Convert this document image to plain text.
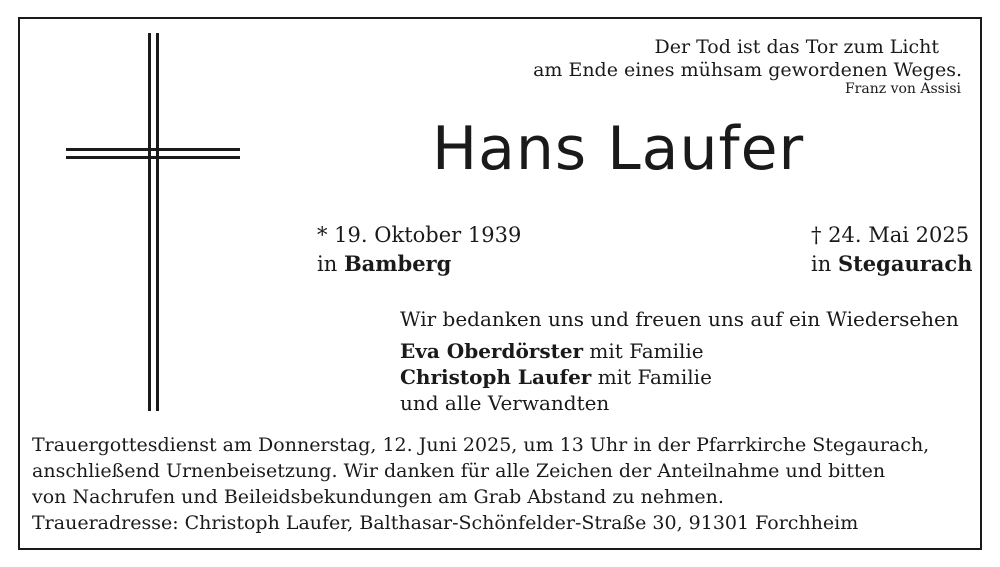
Der Tod ist das Tor zum Licht
am Ende eines mühsam gewordenen Weges.
Franz von Assisi
Hans Laufer
* 19. Oktober 1939
in Bamberg
† 24. Mai 2025
in Stegaurach
Wir bedanken uns und freuen uns auf ein Wiedersehen
Eva Oberdörster mit Familie
Christoph Laufer mit Familie
und alle Verwandten
Trauergottesdienst am Donnerstag, 12. Juni 2025, um 13 Uhr in der Pfarrkirche Stegaurach,
anschließend Urnenbeisetzung. Wir danken für alle Zeichen der Anteilnahme und bitten
von Nachrufen und Beileidsbekundungen am Grab Abstand zu nehmen.
Traueradresse: Christoph Laufer, Balthasar-Schönfelder-Straße 30, 91301 Forchheim
